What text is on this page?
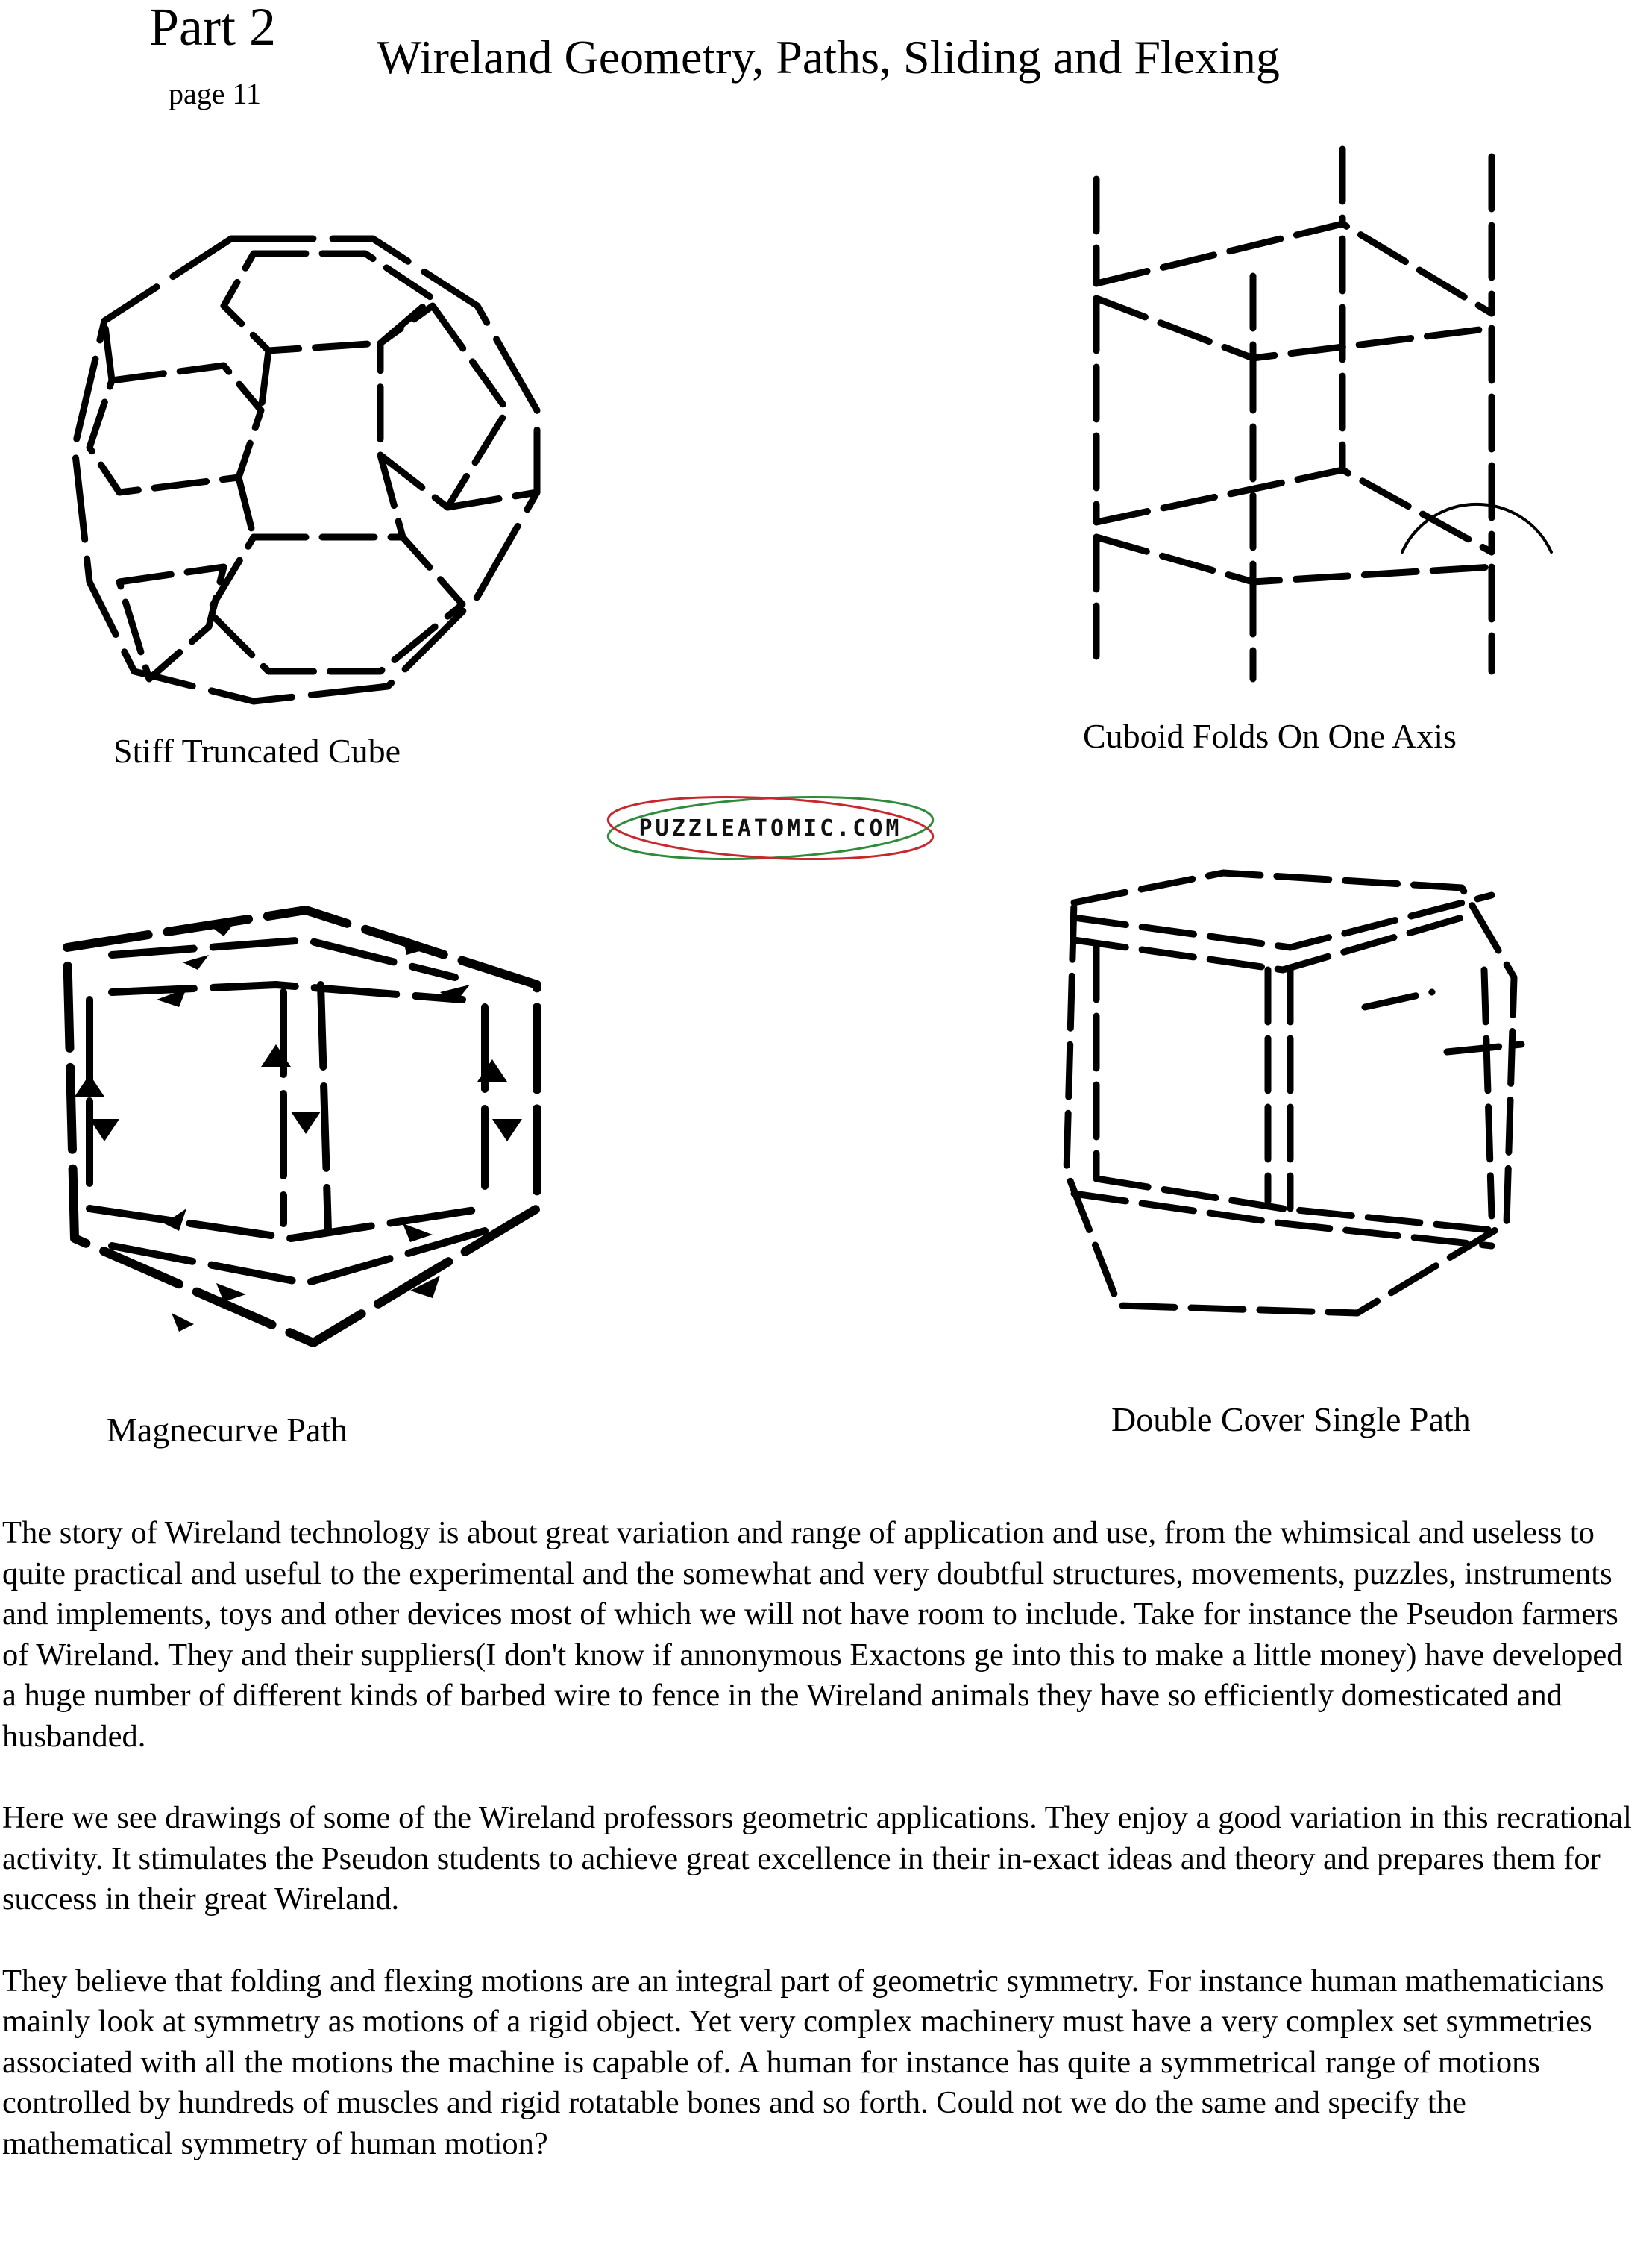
Part 2
page 11
Wireland Geometry, Paths, Sliding and Flexing
Stiff Truncated Cube	Cuboid Folds On One Axis
PUZZLEATOMIC.COM
Magnecurve Path	Double Cover Single Path

The story of Wireland technology is about great variation and range of application and use, from the whimsical and useless to quite practical and useful to the experimental and the somewhat and very doubtful structures, movements, puzzles, instruments and implements, toys and other devices most of which we will not have room to include. Take for instance the Pseudon farmers of Wireland. They and their suppliers(I don't know if annonymous Exactons ge into this to make a little money) have developed a huge number of different kinds of barbed wire to fence in the Wireland animals they have so efficiently domesticated and husbanded.

Here we see drawings of some of the Wireland professors geometric applications. They enjoy a good variation in this recrational activity. It stimulates the Pseudon students to achieve great excellence in their in-exact ideas and theory and prepares them for success in their great Wireland.

They believe that folding and flexing motions are an integral part of geometric symmetry. For instance human mathematicians mainly look at symmetry as motions of a rigid object. Yet very complex machinery must have a very complex set symmetries associated with all the motions the machine is capable of. A human for instance has quite a symmetrical range of motions controlled by hundreds of muscles and rigid rotatable bones and so forth. Could not we do the same and specify the mathematical symmetry of human motion?
